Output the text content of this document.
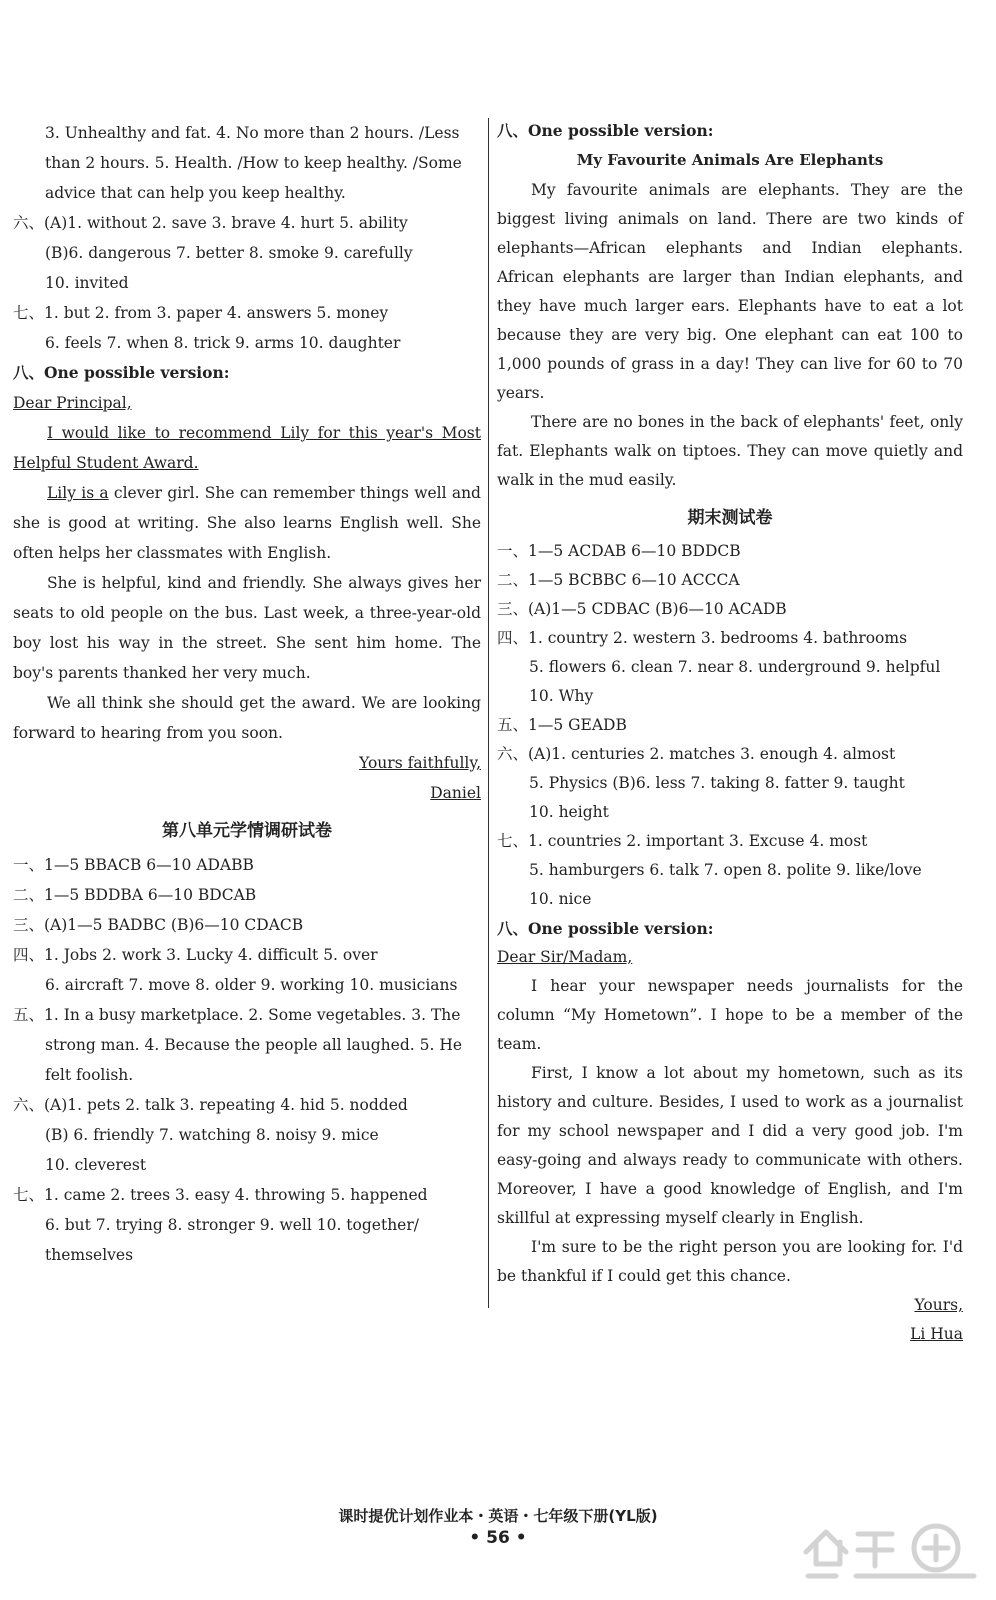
3. Unhealthy and fat. 4. No more than 2 hours. /Less
than 2 hours. 5. Health. /How to keep healthy. /Some
advice that can help you keep healthy.
六、(A)1. without 2. save 3. brave 4. hurt 5. ability
(B)6. dangerous 7. better 8. smoke 9. carefully
10. invited
七、1. but 2. from 3. paper 4. answers 5. money
6. feels 7. when 8. trick 9. arms 10. daughter
八、One possible version:
Dear Principal,
I would like to recommend Lily for this year's Most Helpful Student Award.
Lily is a clever girl. She can remember things well and she is good at writing. She also learns English well. She often helps her classmates with English.
She is helpful, kind and friendly. She always gives her seats to old people on the bus. Last week, a three-year-old boy lost his way in the street. She sent him home. The boy's parents thanked her very much.
We all think she should get the award. We are looking forward to hearing from you soon.
Yours faithfully,
Daniel
第八单元学情调研试卷
一、1—5 BBACB 6—10 ADABB
二、1—5 BDDBA 6—10 BDCAB
三、(A)1—5 BADBC (B)6—10 CDACB
四、1. Jobs 2. work 3. Lucky 4. difficult 5. over
6. aircraft 7. move 8. older 9. working 10. musicians
五、1. In a busy marketplace. 2. Some vegetables. 3. The
strong man. 4. Because the people all laughed. 5. He
felt foolish.
六、(A)1. pets 2. talk 3. repeating 4. hid 5. nodded
(B) 6. friendly 7. watching 8. noisy 9. mice
10. cleverest
七、1. came 2. trees 3. easy 4. throwing 5. happened
6. but 7. trying 8. stronger 9. well 10. together/
themselves
八、One possible version:
My Favourite Animals Are Elephants
My favourite animals are elephants. They are the biggest living animals on land. There are two kinds of elephants—African elephants and Indian elephants. African elephants are larger than Indian elephants, and they have much larger ears. Elephants have to eat a lot because they are very big. One elephant can eat 100 to 1,000 pounds of grass in a day! They can live for 60 to 70 years.
There are no bones in the back of elephants' feet, only fat. Elephants walk on tiptoes. They can move quietly and walk in the mud easily.
期末测试卷
一、1—5 ACDAB 6—10 BDDCB
二、1—5 BCBBC 6—10 ACCCA
三、(A)1—5 CDBAC (B)6—10 ACADB
四、1. country 2. western 3. bedrooms 4. bathrooms
5. flowers 6. clean 7. near 8. underground 9. helpful
10. Why
五、1—5 GEADB
六、(A)1. centuries 2. matches 3. enough 4. almost
5. Physics (B)6. less 7. taking 8. fatter 9. taught
10. height
七、1. countries 2. important 3. Excuse 4. most
5. hamburgers 6. talk 7. open 8. polite 9. like/love
10. nice
八、One possible version:
Dear Sir/Madam,
I hear your newspaper needs journalists for the column “My Hometown”. I hope to be a member of the team.
First, I know a lot about my hometown, such as its history and culture. Besides, I used to work as a journalist for my school newspaper and I did a very good job. I'm easy-going and always ready to communicate with others. Moreover, I have a good knowledge of English, and I'm skillful at expressing myself clearly in English.
I'm sure to be the right person you are looking for. I'd be thankful if I could get this chance.
Yours,
Li Hua
课时提优计划作业本・英语・七年级下册(YL版)
• 56 •
